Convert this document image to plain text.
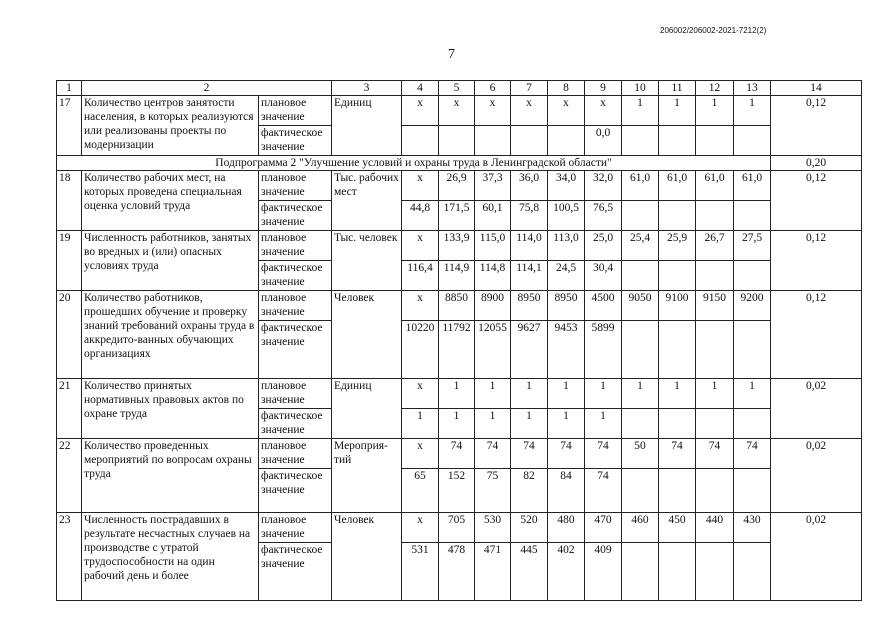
206002/206002-2021-7212(2)
7
1	2		3	4	5	6	7	8	9	10	11	12	13	14
17	Количество центров занятости населения, в которых реализуются или реализованы проекты по модернизации	плановое значение	Единиц	х	х	х	х	х	х	1	1	1	1	0,12
		фактическое значение							0,0					
Подпрограмма 2 "Улучшение условий и охраны труда в Ленинградской области"														0,20
18	Количество рабочих мест, на которых проведена специальная оценка условий труда	плановое значение	Тыс. рабочих мест	х	26,9	37,3	36,0	34,0	32,0	61,0	61,0	61,0	61,0	0,12
		фактическое значение		44,8	171,5	60,1	75,8	100,5	76,5					
19	Численность работников, занятых во вредных и (или) опасных условиях труда	плановое значение	Тыс. человек	х	133,9	115,0	114,0	113,0	25,0	25,4	25,9	26,7	27,5	0,12
		фактическое значение		116,4	114,9	114,8	114,1	24,5	30,4					
20	Количество работников, прошедших обучение и проверку знаний требований охраны труда в аккредито-ванных обучающих организациях	плановое значение	Человек	х	8850	8900	8950	8950	4500	9050	9100	9150	9200	0,12
		фактическое значение		10220	11792	12055	9627	9453	5899					
21	Количество принятых нормативных правовых актов по охране труда	плановое значение	Единиц	х	1	1	1	1	1	1	1	1	1	0,02
		фактическое значение		1	1	1	1	1	1					
22	Количество проведенных мероприятий по вопросам охраны труда	плановое значение	Мероприя-тий	х	74	74	74	74	74	50	74	74	74	0,02
		фактическое значение		65	152	75	82	84	74					
23	Численность пострадавших в результате несчастных случаев на производстве с утратой трудоспособности на один рабочий день и более	плановое значение	Человек	х	705	530	520	480	470	460	450	440	430	0,02
		фактическое значение		531	478	471	445	402	409					
